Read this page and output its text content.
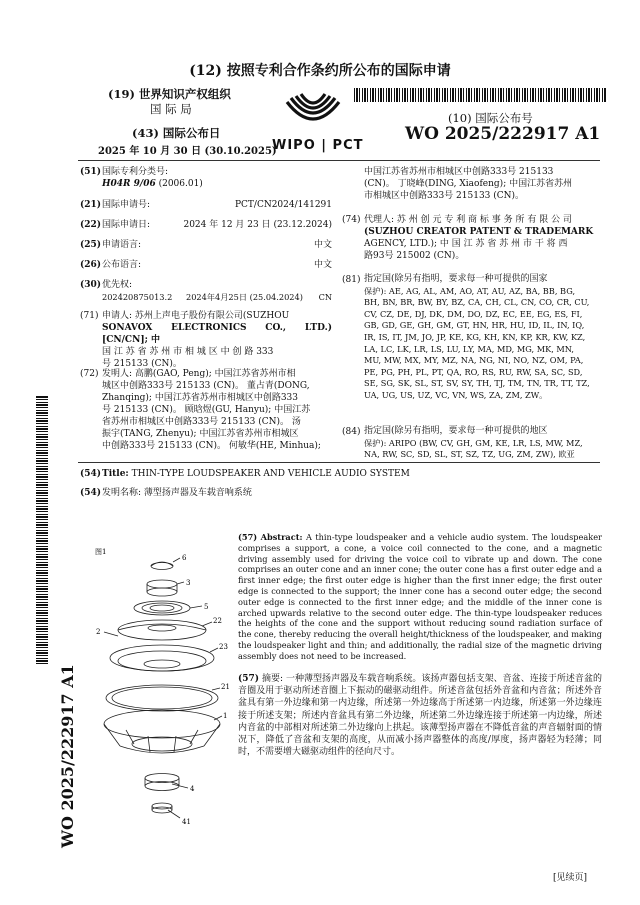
(12) 按照专利合作条约所公布的国际申请
(19) 世界知识产权组织
国 际 局
(43) 国际公布日
2025 年 10 月 30 日 (30.10.2025)
WIPO | PCT
(10) 国际公布号
WO 2025/222917 A1
(51)国际专利分类号:
H04R 9/06 (2006.01)
(21)国际申请号:	PCT/CN2024/141291
(22)国际申请日:	2024 年 12 月 23 日 (23.12.2024)
(25)申请语言:	中文
(26)公布语言:	中文
(30)优先权:
202420875013.2 2024年4月25日 (25.04.2024) CN
(71) 申请人: 苏州上声电子股份有限公司(SUZHOU
SONAVOX ELECTRONICS CO., LTD.) [CN/CN]; 中
国 江 苏 省 苏 州 市 相 城 区 中 创 路 333
号 215133 (CN)。
(72) 发明人: 高鹏(GAO, Peng); 中国江苏省苏州市相
城区中创路333号 215133 (CN)。 董占青(DONG,
Zhanqing); 中国江苏省苏州市相城区中创路333
号 215133 (CN)。 顾晗煜(GU, Hanyu); 中国江苏
省苏州市相城区中创路333号 215133 (CN)。 汤
振宇(TANG, Zhenyu); 中国江苏省苏州市相城区
中创路333号 215133 (CN)。 何敏华(HE, Minhua);
中国江苏省苏州市相城区中创路333号 215133
(CN)。 丁晓峰(DING, Xiaofeng); 中国江苏省苏州
市相城区中创路333号 215133 (CN)。
(74) 代理人: 苏 州 创 元 专 利 商 标 事 务 所 有 限 公 司
(SUZHOU CREATOR PATENT & TRADEMARK
AGENCY, LTD.); 中 国 江 苏 省 苏 州 市 干 将 西
路93号 215002 (CN)。
(81) 指定国(除另有指明，要求每一种可提供的国家
保护): AE, AG, AL, AM, AO, AT, AU, AZ, BA, BB, BG,
BH, BN, BR, BW, BY, BZ, CA, CH, CL, CN, CO, CR, CU,
CV, CZ, DE, DJ, DK, DM, DO, DZ, EC, EE, EG, ES, FI,
GB, GD, GE, GH, GM, GT, HN, HR, HU, ID, IL, IN, IQ,
IR, IS, IT, JM, JO, JP, KE, KG, KH, KN, KP, KR, KW, KZ,
LA, LC, LK, LR, LS, LU, LY, MA, MD, MG, MK, MN,
MU, MW, MX, MY, MZ, NA, NG, NI, NO, NZ, OM, PA,
PE, PG, PH, PL, PT, QA, RO, RS, RU, RW, SA, SC, SD,
SE, SG, SK, SL, ST, SV, SY, TH, TJ, TM, TN, TR, TT, TZ,
UA, UG, US, UZ, VC, VN, WS, ZA, ZM, ZW。
(84) 指定国(除另有指明，要求每一种可提供的地区
保护): ARIPO (BW, CV, GH, GM, KE, LR, LS, MW, MZ,
NA, RW, SC, SD, SL, ST, SZ, TZ, UG, ZM, ZW), 欧亚
(54)Title: THIN-TYPE LOUDSPEAKER AND VEHICLE AUDIO SYSTEM
(54)发明名称: 薄型扬声器及车载音响系统
WO 2025/222917 A1
图1
6
3
5
2
22
23
21
1
4
41
(57) Abstract: A thin-type loudspeaker and a vehicle audio system. The loudspeaker comprises a support, a cone, a voice coil connected to the cone, and a magnetic driving assembly used for driving the voice coil to vibrate up and down. The cone comprises an outer cone and an inner cone; the outer cone has a first outer edge and a first inner edge; the first outer edge is higher than the first inner edge; the first outer edge is connected to the support; the inner cone has a second outer edge; the second outer edge is connected to the first inner edge; and the middle of the inner cone is arched upwards relative to the second outer edge. The thin-type loudspeaker reduces the heights of the cone and the support without reducing sound radiation surface of the cone, thereby reducing the overall height/thickness of the loudspeaker, and making the loudspeaker light and thin; and additionally, the radial size of the magnetic driving assembly does not need to be increased.
(57) 摘要: 一种薄型扬声器及车载音响系统。该扬声器包括支架、音盆、连接于所述音盆的音圈及用于驱动所述音圈上下振动的磁驱动组件。所述音盆包括外音盆和内音盆；所述外音盆具有第一外边缘和第一内边缘，所述第一外边缘高于所述第一内边缘，所述第一外边缘连接于所述支架；所述内音盆具有第二外边缘，所述第二外边缘连接于所述第一内边缘，所述内音盆的中部相对所述第二外边缘向上拱起。该薄型扬声器在不降低音盆的声音辐射面的情况下，降低了音盆和支架的高度，从而减小扬声器整体的高度/厚度，扬声器轻为轻薄；同时，不需要增大磁驱动组件的径向尺寸。
[见续页]
